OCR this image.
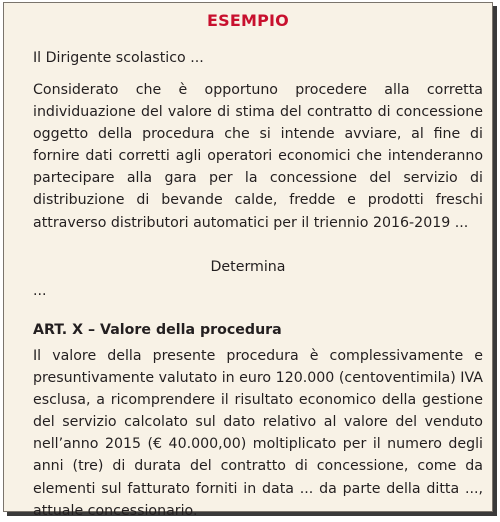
ESEMPIO
Il Dirigente scolastico ...
Considerato che è opportuno procedere alla corretta individuazione del valore di stima del contratto di concessione oggetto della procedura che si intende avviare, al fine di fornire dati corretti agli operatori economici che intenderanno partecipare alla gara per la concessione del servizio di distribuzione di bevande calde, fredde e prodotti freschi attraverso distributori automatici per il triennio 2016-2019 ...
Determina
...
ART. X – Valore della procedura
Il valore della presente procedura è complessivamente e presuntivamente valutato in euro 120.000 (centoventimila) IVA esclusa, a ricomprendere il risultato economico della gestione del servizio calcolato sul dato relativo al valore del venduto nell’anno 2015 (€ 40.000,00) moltiplicato per il numero degli anni (tre) di durata del contratto di concessione, come da elementi sul fatturato forniti in data ... da parte della ditta ..., attuale concessionario.
